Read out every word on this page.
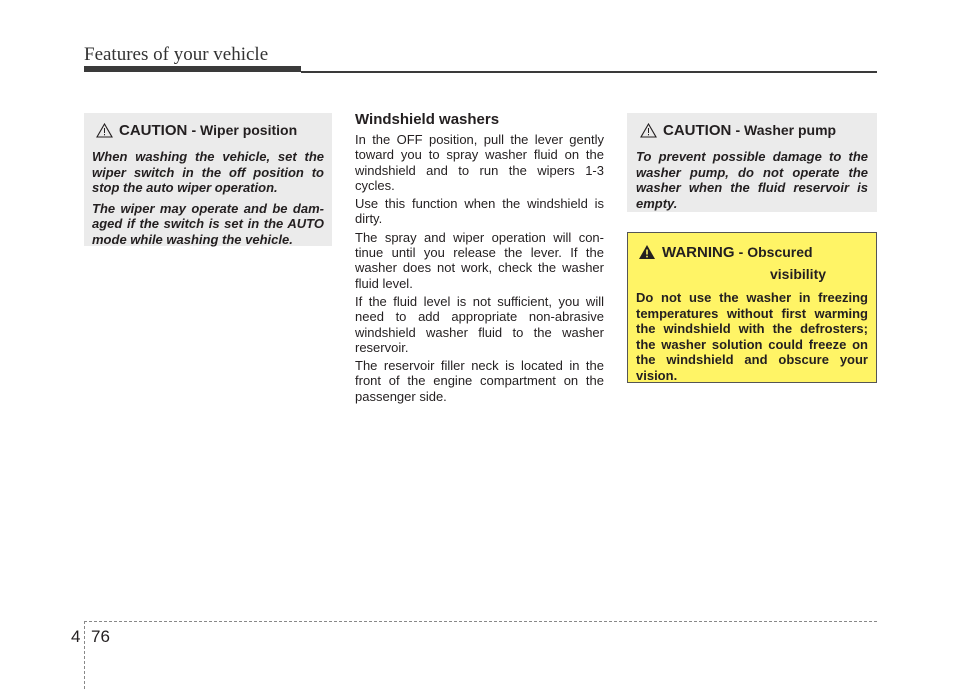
Features of your vehicle
CAUTION - Wiper position

When washing the vehicle, set the wiper switch in the off position to stop the auto wiper operation.

The wiper may operate and be dam- aged if the switch is set in the AUTO mode while washing the vehicle.

Windshield washers

In the OFF position, pull the lever gently toward you to spray washer fluid on the windshield and to run the wipers 1-3 cycles.

Use this function when the windshield is dirty.

The spray and wiper operation will con- tinue until you release the lever. If the washer does not work, check the washer fluid level.

If the fluid level is not sufficient, you will need to add appropriate non-abrasive windshield washer fluid to the washer reservoir.

The reservoir filler neck is located in the front of the engine compartment on the passenger side.

CAUTION - Washer pump

To prevent possible damage to the washer pump, do not operate the washer when the fluid reservoir is empty.

WARNING - Obscured
visibility

Do not use the washer in freezing temperatures without first warming the windshield with the defrosters; the washer solution could freeze on the windshield and obscure your vision.

4 76
